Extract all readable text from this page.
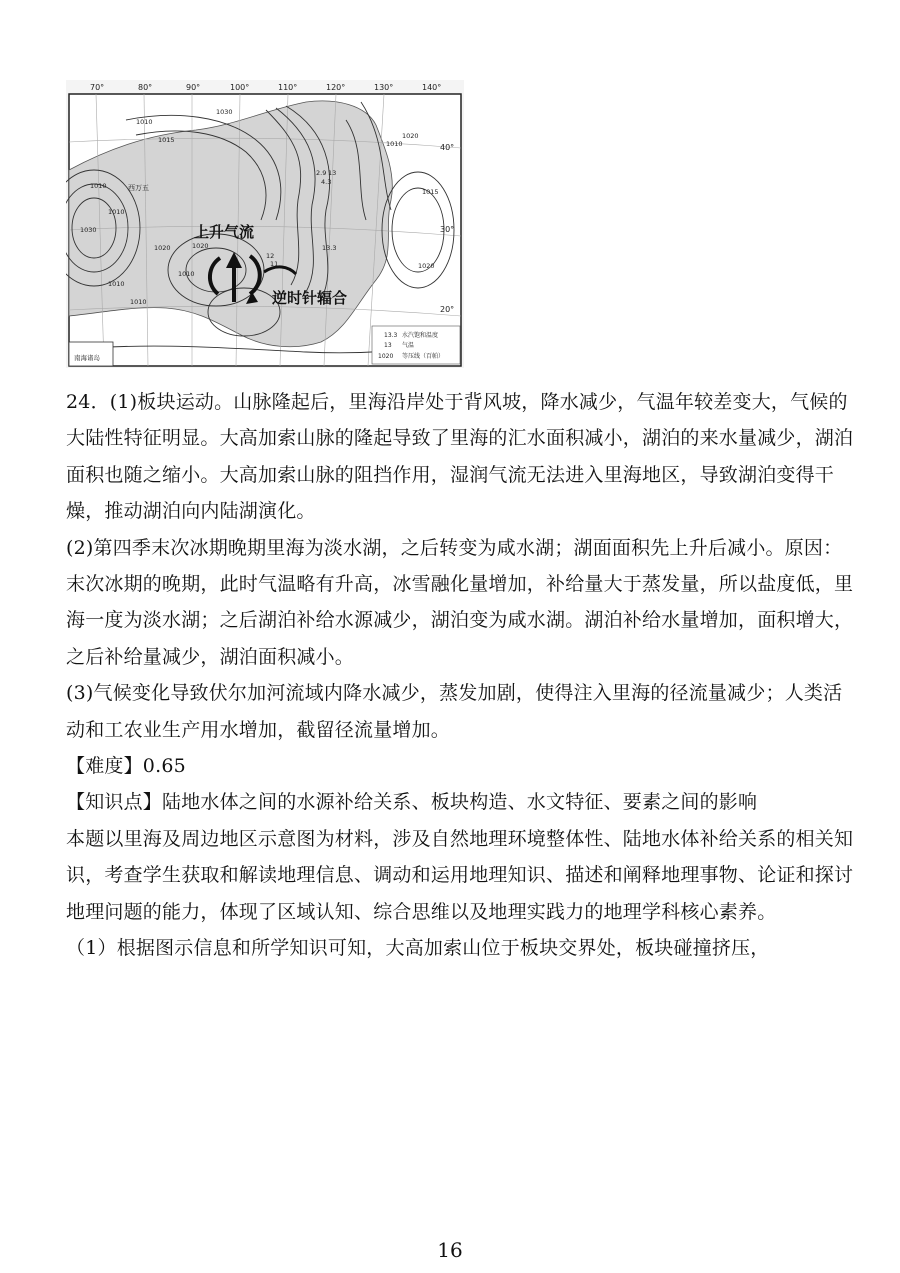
70°	80°	90°	100°	110°	120°	130°	140°
40°
30°
20°
1030
1010
1015
1010
1030
1020
1010
1010
1010
1020
1010
1015
1020
1010
1020
2.9 13
4.3
13.3
12
11
西万五
上升气流
逆时针辐合
13.3 水汽饱和温度
13 气温
1020 等压线（百帕）
南海诸岛

24．(1)板块运动。山脉隆起后，里海沿岸处于背风坡，降水减少，气温年较差变大，气候的大陆性特征明显。大高加索山脉的隆起导致了里海的汇水面积减小，湖泊的来水量减少，湖泊面积也随之缩小。大高加索山脉的阻挡作用，湿润气流无法进入里海地区，导致湖泊变得干燥，推动湖泊向内陆湖演化。

(2)第四季末次冰期晚期里海为淡水湖，之后转变为咸水湖；湖面面积先上升后减小。原因：末次冰期的晚期，此时气温略有升高，冰雪融化量增加，补给量大于蒸发量，所以盐度低，里海一度为淡水湖；之后湖泊补给水源减少，湖泊变为咸水湖。湖泊补给水量增加，面积增大，之后补给量减少，湖泊面积减小。

(3)气候变化导致伏尔加河流域内降水减少，蒸发加剧，使得注入里海的径流量减少；人类活动和工农业生产用水增加，截留径流量增加。

【难度】0.65

【知识点】陆地水体之间的水源补给关系、板块构造、水文特征、要素之间的影响

本题以里海及周边地区示意图为材料，涉及自然地理环境整体性、陆地水体补给关系的相关知识，考查学生获取和解读地理信息、调动和运用地理知识、描述和阐释地理事物、论证和探讨地理问题的能力，体现了区域认知、综合思维以及地理实践力的地理学科核心素养。

（1）根据图示信息和所学知识可知，大高加索山位于板块交界处，板块碰撞挤压，

16
